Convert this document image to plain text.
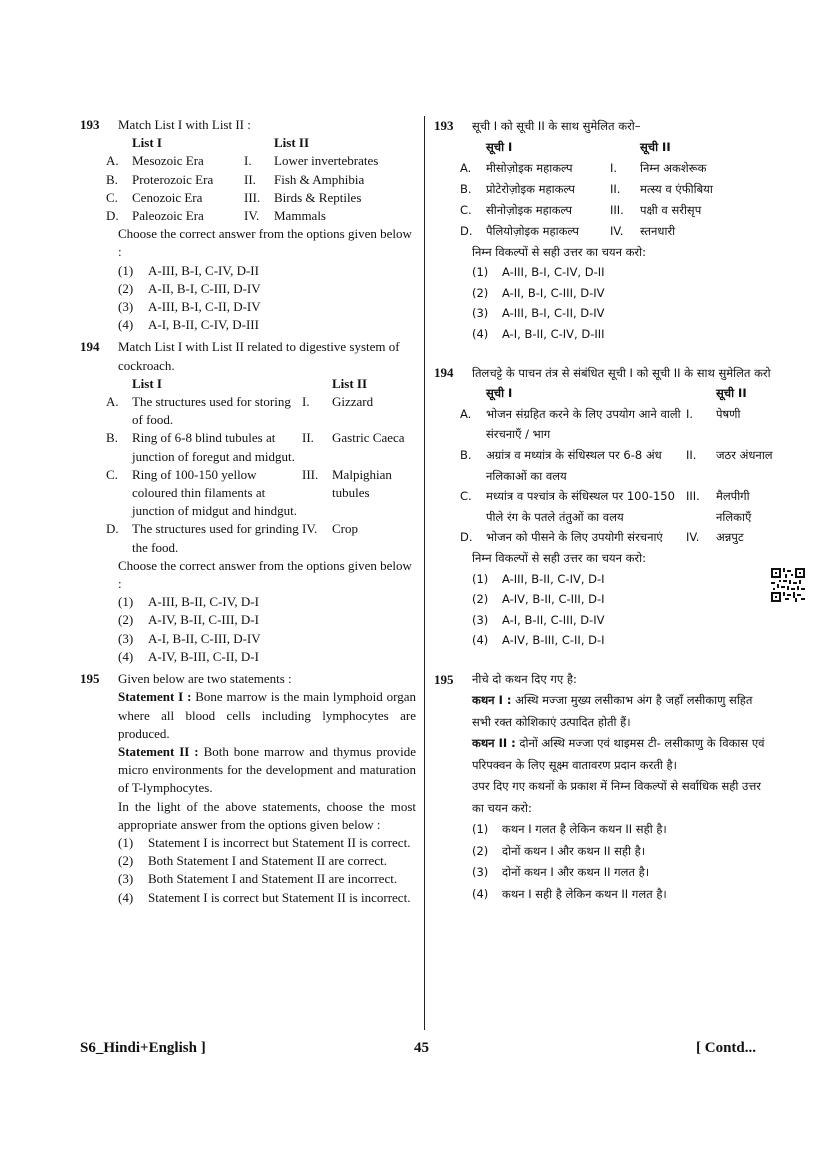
193 Match List I with List II :
	List I		List II
A.	Mesozoic Era	I.	Lower invertebrates
B.	Proterozoic Era	II.	Fish & Amphibia
C.	Cenozoic Era	III.	Birds & Reptiles
D.	Paleozoic Era	IV.	Mammals
Choose the correct answer from the options given below :
(1)	A-III, B-I, C-IV, D-II
(2)	A-II, B-I, C-III, D-IV
(3)	A-III, B-I, C-II, D-IV
(4)	A-I, B-II, C-IV, D-III
194 Match List I with List II related to digestive system of cockroach.
	List I		List II
A.	The structures used for storing of food.	I.	Gizzard
B.	Ring of 6-8 blind tubules at junction of foregut and midgut.	II.	Gastric Caeca
C.	Ring of 100-150 yellow coloured thin filaments at junction of midgut and hindgut.	III.	Malpighian tubules
D.	The structures used for grinding the food.	IV.	Crop
Choose the correct answer from the options given below :
(1)	A-III, B-II, C-IV, D-I
(2)	A-IV, B-II, C-III, D-I
(3)	A-I, B-II, C-III, D-IV
(4)	A-IV, B-III, C-II, D-I
195 Given below are two statements :
Statement I : Bone marrow is the main lymphoid organ where all blood cells including lymphocytes are produced.
Statement II : Both bone marrow and thymus provide micro environments for the development and maturation of T-lymphocytes.
In the light of the above statements, choose the most appropriate answer from the options given below :
(1)	Statement I is incorrect but Statement II is correct.
(2)	Both Statement I and Statement II are correct.
(3)	Both Statement I and Statement II are incorrect.
(4)	Statement I is correct but Statement II is incorrect.
193 सूची I को सूची II के साथ सुमेलित करो–
	सूची I		सूची II
A.	मीसोज़ोइक महाकल्प	I.	निम्न अकशेरूक
B.	प्रोटेरोज़ोइक महाकल्प	II.	मत्स्य व एंफीबिया
C.	सीनोज़ोइक महाकल्प	III.	पक्षी व सरीसृप
D.	पैलियोज़ोइक महाकल्प	IV.	स्तनधारी
निम्न विकल्पों से सही उत्तर का चयन करो:
(1)	A-III, B-I, C-IV, D-II
(2)	A-II, B-I, C-III, D-IV
(3)	A-III, B-I, C-II, D-IV
(4)	A-I, B-II, C-IV, D-III
194 तिलचट्टे के पाचन तंत्र से संबंधित सूची I को सूची II के साथ सुमेलित करो
	सूची I		सूची II
A.	भोजन संग्रहित करने के लिए उपयोग आने वाली संरचनाएँ / भाग	I.	पेषणी
B.	अग्रांत्र व मध्यांत्र के संधिस्थल पर 6-8 अंध नलिकाओं का वलय	II.	जठर अंधनाल
C.	मध्यांत्र व पश्चांत्र के संधिस्थल पर 100-150 पीले रंग के पतले तंतुओं का वलय	III.	मैलपीगी नलिकाएँ
D.	भोजन को पीसने के लिए उपयोगी संरचनाएं	IV.	अन्नपुट
निम्न विकल्पों से सही उत्तर का चयन करो:
(1)	A-III, B-II, C-IV, D-I
(2)	A-IV, B-II, C-III, D-I
(3)	A-I, B-II, C-III, D-IV
(4)	A-IV, B-III, C-II, D-I
195 नीचे दो कथन दिए गए है:
कथन I : अस्थि मज्जा मुख्य लसीकाभ अंग है जहाँ लसीकाणु सहित सभी रक्त कोशिकाएं उत्पादित होती हैं।
कथन II : दोनों अस्थि मज्जा एवं थाइमस टी- लसीकाणु के विकास एवं परिपक्वन के लिए सूक्ष्म वातावरण प्रदान करती है।
उपर दिए गए कथनों के प्रकाश में निम्न विकल्पों से सर्वाधिक सही उत्तर का चयन करो:
(1)	कथन I गलत है लेकिन कथन II सही है।
(2)	दोनों कथन I और कथन II सही है।
(3)	दोनों कथन I और कथन II गलत है।
(4)	कथन I सही है लेकिन कथन II गलत है।
S6_Hindi+English ]	45	[ Contd...
